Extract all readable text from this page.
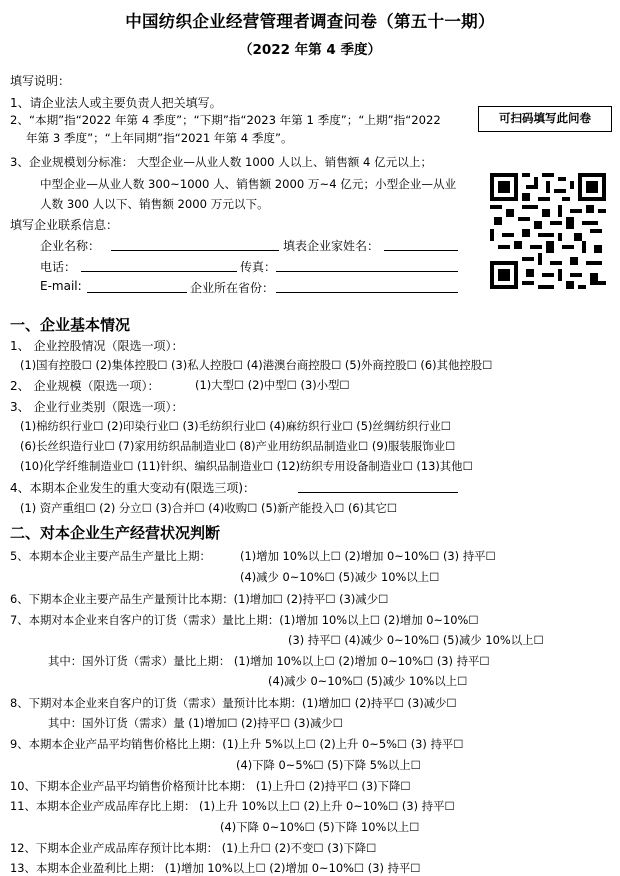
中国纺织企业经营管理者调查问卷（第五十一期）
（2022 年第 4 季度）
填写说明：
1、请企业法人或主要负责人把关填写。
2、“本期”指“2022 年第 4 季度”；“下期”指“2023 年第 1 季度”；“上期”指“2022
年第 3 季度”；“上年同期”指“2021 年第 4 季度”。
3、企业规模划分标准： 大型企业—从业人数 1000 人以上、销售额 4 亿元以上；
中型企业—从业人数 300~1000 人、销售额 2000 万~4 亿元；小型企业—从业
人数 300 人以下、销售额 2000 万元以下。
可扫码填写此问卷
填写企业联系信息：
企业名称：	填表企业家姓名：
电话：	传真：
E-mail:	企业所在省份：
一、企业基本情况
1、 企业控股情况（限选一项）：
(1)国有控股☐ (2)集体控股☐ (3)私人控股☐ (4)港澳台商控股☐ (5)外商控股☐ (6)其他控股☐
2、 企业规模（限选一项）：	(1)大型☐ (2)中型☐ (3)小型☐
3、 企业行业类别（限选一项）：
(1)棉纺织行业☐ (2)印染行业☐ (3)毛纺织行业☐ (4)麻纺织行业☐ (5)丝绸纺织行业☐
(6)长丝织造行业☐ (7)家用纺织品制造业☐ (8)产业用纺织品制造业☐ (9)服装服饰业☐
(10)化学纤维制造业☐ (11)针织、编织品制造业☐ (12)纺织专用设备制造业☐ (13)其他☐
4、本期本企业发生的重大变动有(限选三项)：
(1) 资产重组☐ (2) 分立☐ (3)合并☐ (4)收购☐ (5)新产能投入☐ (6)其它☐
二、对本企业生产经营状况判断
5、本期本企业主要产品生产量比上期：	(1)增加 10%以上☐ (2)增加 0~10%☐ (3) 持平☐
(4)减少 0~10%☐ (5)减少 10%以上☐
6、下期本企业主要产品生产量预计比本期：(1)增加☐ (2)持平☐ (3)减少☐
7、本期对本企业来自客户的订货（需求）量比上期：(1)增加 10%以上☐ (2)增加 0~10%☐
(3) 持平☐ (4)减少 0~10%☐ (5)减少 10%以上☐
其中：国外订货（需求）量比上期： (1)增加 10%以上☐ (2)增加 0~10%☐ (3) 持平☐
(4)减少 0~10%☐ (5)减少 10%以上☐
8、下期对本企业来自客户的订货（需求）量预计比本期：(1)增加☐ (2)持平☐ (3)减少☐
其中：国外订货（需求）量 (1)增加☐ (2)持平☐ (3)减少☐
9、本期本企业产品平均销售价格比上期：(1)上升 5%以上☐ (2)上升 0~5%☐ (3) 持平☐
(4)下降 0~5%☐ (5)下降 5%以上☐
10、下期本企业产品平均销售价格预计比本期： (1)上升☐ (2)持平☐ (3)下降☐
11、本期本企业产成品库存比上期： (1)上升 10%以上☐ (2)上升 0~10%☐ (3) 持平☐
(4)下降 0~10%☐ (5)下降 10%以上☐
12、下期本企业产成品库存预计比本期： (1)上升☐ (2)不变☐ (3)下降☐
13、本期本企业盈利比上期： (1)增加 10%以上☐ (2)增加 0~10%☐ (3) 持平☐
